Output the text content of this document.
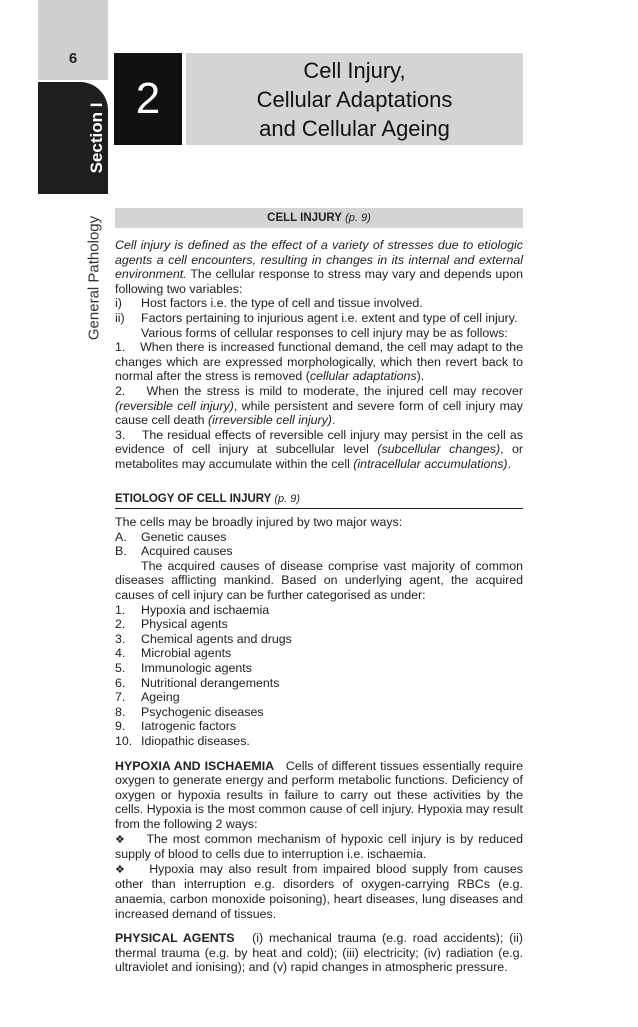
6
Section I
General Pathology
2
Cell Injury,
Cellular Adaptations
and Cellular Ageing
CELL INJURY (p. 9)

Cell injury is defined as the effect of a variety of stresses due to etiologic agents a cell encounters, resulting in changes in its internal and external environment. The cellular response to stress may vary and depends upon following two variables:

i)	Host factors i.e. the type of cell and tissue involved.
ii)	Factors pertaining to injurious agent i.e. extent and type of cell injury.

Various forms of cellular responses to cell injury may be as follows:

1.    When there is increased functional demand, the cell may adapt to the changes which are expressed morphologically, which then revert back to normal after the stress is removed (cellular adaptations).

2.    When the stress is mild to moderate, the injured cell may recover (reversible cell injury), while persistent and severe form of cell injury may cause cell death (irreversible cell injury).

3.    The residual effects of reversible cell injury may persist in the cell as evidence of cell injury at subcellular level (subcellular changes), or metabolites may accumulate within the cell (intracellular accumulations).

ETIOLOGY OF CELL INJURY (p. 9)

The cells may be broadly injured by two major ways:

A.	Genetic causes
B.	Acquired causes

The acquired causes of disease comprise vast majority of common diseases afflicting mankind. Based on underlying agent, the acquired causes of cell injury can be further categorised as under:

1.	Hypoxia and ischaemia
2.	Physical agents
3.	Chemical agents and drugs
4.	Microbial agents
5.	Immunologic agents
6.	Nutritional derangements
7.	Ageing
8.	Psychogenic diseases
9.	Iatrogenic factors
10. Idiopathic diseases.

HYPOXIA AND ISCHAEMIA   Cells of different tissues essentially require oxygen to generate energy and perform metabolic functions. Deficiency of oxygen or hypoxia results in failure to carry out these activities by the cells. Hypoxia is the most common cause of cell injury. Hypoxia may result from the following 2 ways:

❖    The most common mechanism of hypoxic cell injury is by reduced supply of blood to cells due to interruption i.e. ischaemia.

❖    Hypoxia may also result from impaired blood supply from causes other than interruption e.g. disorders of oxygen-carrying RBCs (e.g. anaemia, carbon monoxide poisoning), heart diseases, lung diseases and increased demand of tissues.

PHYSICAL AGENTS   (i) mechanical trauma (e.g. road accidents); (ii) thermal trauma (e.g. by heat and cold); (iii) electricity; (iv) radiation (e.g. ultraviolet and ionising); and (v) rapid changes in atmospheric pressure.
